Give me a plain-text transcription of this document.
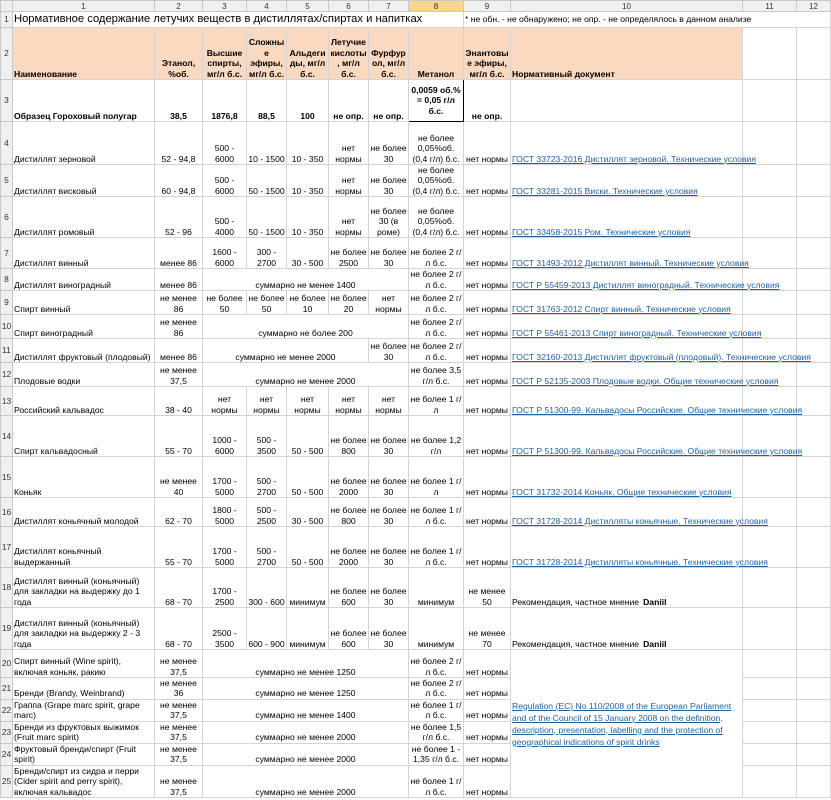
	1	2	3	4	5	6	7	8	9	10	11	12
1	Нормативное содержание летучих веществ в дистиллятах/спиртах и напитках								* не обн. - не обнаружено; не опр. - не определялось в данном анализе			
2	Наименование	Этанол, %об.	Высшие спирты, мг/л б.с.	Сложные эфиры, мг/л б.с.	Альдегиды, мг/л б.с.	Летучие кислоты, мг/л б.с.	Фурфурол, мг/л б.с.	Метанол	Энантовые эфиры, мг/л б.с.	Нормативный документ		
3	Образец Гороховый полугар	38,5	1876,8	88,5	100	не опр.	не опр.	0,0059 об.% = 0,05 г/л б.с.	не опр.			
4	Дистиллят зерновой	52 - 94,8	500 - 6000	10 - 1500	10 - 350	нет нормы	не более 30	не более 0,05%об. (0,4 г/л) б.с.	нет нормы	ГОСТ 33723-2016 Дистиллят зерновой. Технические условия		
5	Дистиллят висковый	60 - 94,8	500 - 6000	50 - 1500	10 - 350	нет нормы	не более 30	не более 0,05%об. (0,4 г/л) б.с.	нет нормы	ГОСТ 33281-2015 Виски. Технические условия		
6	Дистиллят ромовый	52 - 96	500 - 4000	50 - 1500	10 - 350	нет нормы	не более 30 (в роме)	не более 0,05%об. (0,4 г/л) б.с.	нет нормы	ГОСТ 33458-2015 Ром. Технические условия		
7	Дистиллят винный	менее 86	1600 - 6000	300 - 2700	30 - 500	не более 2500	не более 30	не более 2 г/л б.с.	нет нормы	ГОСТ 31493-2012 Дистиллят винный. Технические условия		
8	Дистиллят виноградный	менее 86	суммарно не менее 1400					не более 2 г/л б.с.	нет нормы	ГОСТ Р 55459-2013 Дистиллят виноградный. Технические условия		
9	Спирт винный	не менее 86	не более 50	не более 50	не более 10	не более 20	нет нормы	не более 2 г/л б.с.	нет нормы	ГОСТ 31763-2012 Спирт винный. Технические условия		
10	Спирт виноградный	не менее 86	суммарно не более 200					не более 2 г/л б.с.	нет нормы	ГОСТ Р 55461-2013 Спирт виноградный. Технические условия		
11	Дистиллят фруктовый (плодовый)	менее 86	суммарно не менее 2000				не более 30	не более 2 г/л б.с.	нет нормы	ГОСТ 32160-2013 Дистиллят фруктовый (плодовый). Технические условия		
12	Плодовые водки	не менее 37,5	суммарно не менее 2000					не более 3,5 г/л б.с.	нет нормы	ГОСТ Р 52135-2003 Плодовые водки. Общие технические условия		
13	Российский кальвадос	38 - 40	нет нормы	нет нормы	нет нормы	нет нормы	нет нормы	не более 1 г/л	нет нормы	ГОСТ Р 51300-99. Кальвадосы Российские. Общие технические условия		
14	Спирт кальвадосный	55 - 70	1000 - 6000	500 - 3500	50 - 500	не более 800	не более 30	не более 1,2 г/л	нет нормы	ГОСТ Р 51300-99. Кальвадосы Российские. Общие технические условия		
15	Коньяк	не менее 40	1700 - 5000	500 - 2700	50 - 500	не более 2000	не более 30	не более 1 г/л	нет нормы	ГОСТ 31732-2014 Коньяк. Общие технические условия		
16	Дистиллят коньячный молодой	62 - 70	1800 - 5000	500 - 2500	30 - 500	не более 800	не более 30	не более 1 г/л б.с.	нет нормы	ГОСТ 31728-2014 Дистилляты коньячные. Технические условия		
17	Дистиллят коньячный выдержанный	55 - 70	1700 - 5000	500 - 2700	50 - 500	не более 2000	не более 30	не более 1 г/л б.с.	нет нормы	ГОСТ 31728-2014 Дистилляты коньячные. Технические условия		
18	Дистиллят винный (коньячный) для закладки на выдержку до 1 года	68 - 70	1700 - 2500	300 - 600	минимум	не более 600	не более 30	минимум	не менее 50	Рекомендация, частное мнение Daniil		
19	Дистиллят винный (коньячный) для закладки на выдержку 2 - 3 года	68 - 70	2500 - 3500	600 - 900	минимум	не более 600	не более 30	минимум	не менее 70	Рекомендация, частное мнение Daniil		
20	Спирт винный (Wine spirit), включая коньяк, ракию	не менее 37,5	суммарно не менее 1250					не более 2 г/л б.с.	нет нормы	Regulation (EC) No 110/2008 of the European Parliament and of the Council of 15 January 2008 on the definition, description, presentation, labelling and the protection of geographical indications of spirit drinks		
21	Бренди (Brandy, Weinbrand)	не менее 36	суммарно не менее 1250					не более 2 г/л б.с.	нет нормы			
22	Граппа (Grape marc spirit, grape marc)	не менее 37,5	суммарно не менее 1400					не более 1 г/л б.с.	нет нормы			
23	Бренди из фруктовых выжимок (Fruit marc spirit)	не менее 37,5	суммарно не менее 2000					не более 1,5 г/л б.с.	нет нормы			
24	Фруктовый бренди/спирт (Fruit spirit)	не менее 37,5	суммарно не менее 2000					не более 1 - 1,35 г/л б.с.	нет нормы			
25	Бренди/спирт из сидра и перри (Cider spirit and perry spirit), включая кальвадос	не менее 37,5	суммарно не менее 2000					не более 1 г/л б.с.	нет нормы			
